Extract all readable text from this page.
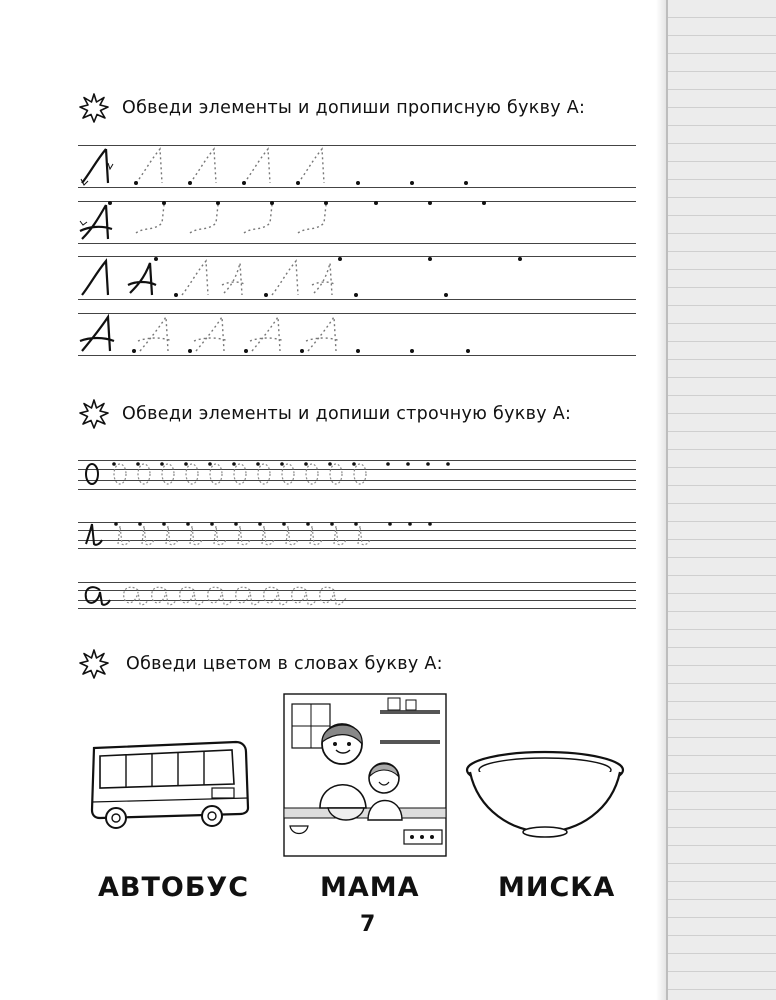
Обведи элементы и допиши прописную букву А:
Обведи элементы и допиши строчную букву А:
Обведи цветом в словах букву А:
АВТОБУС	МАМА	МИСКА
7
